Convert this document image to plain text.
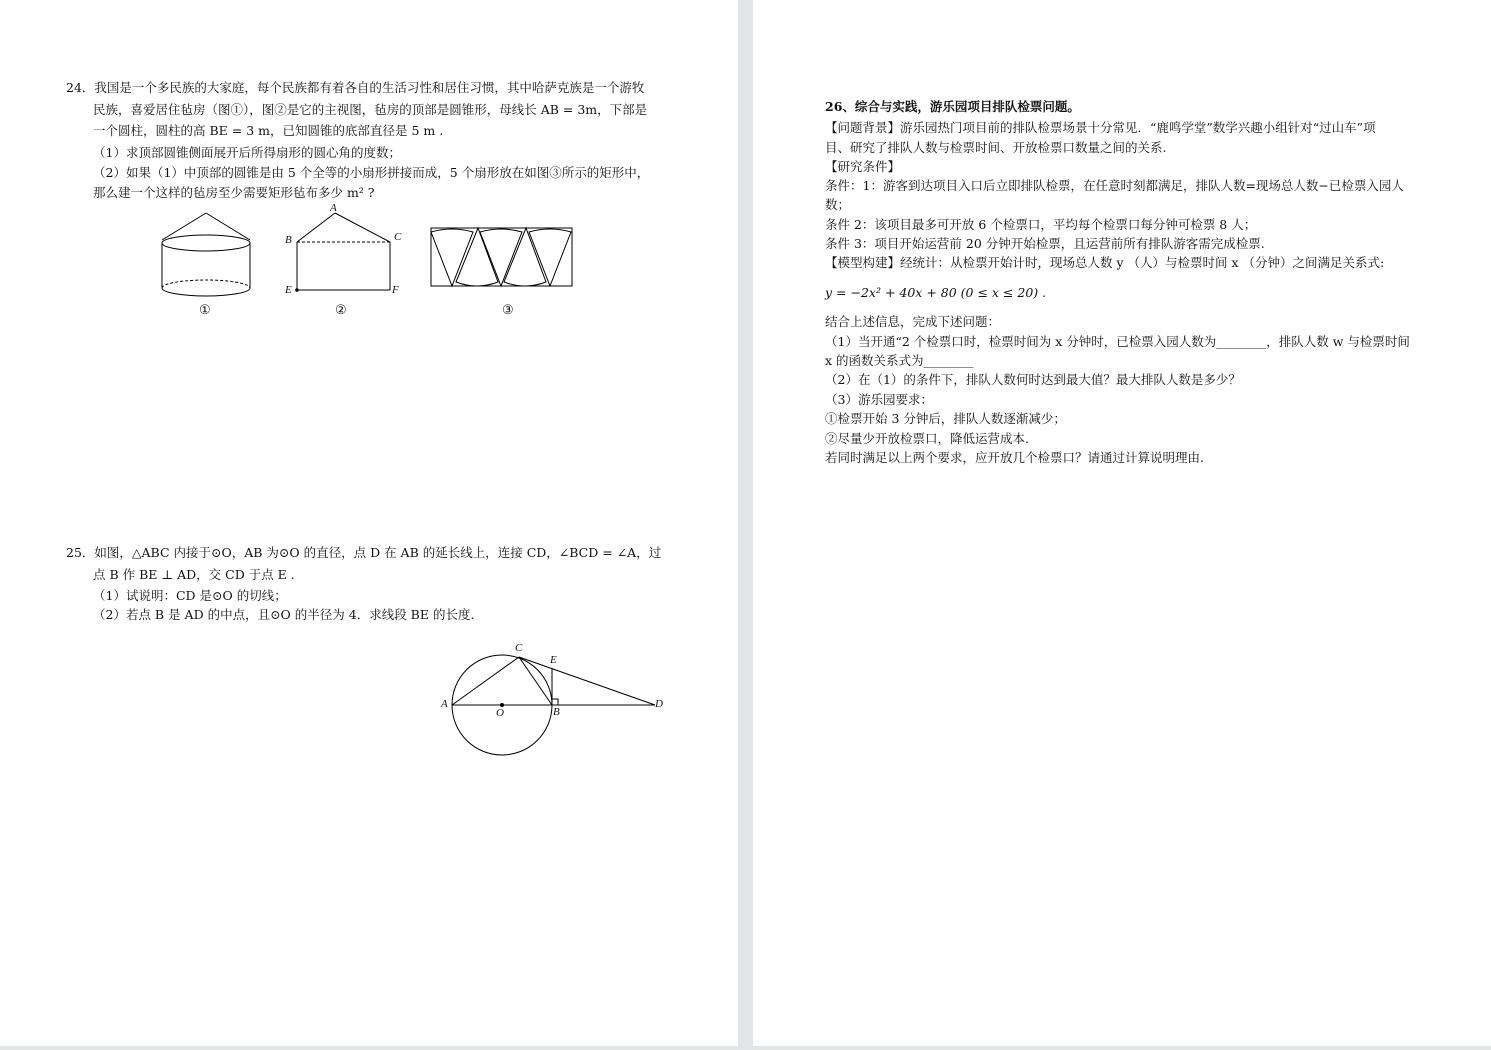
24．我国是一个多民族的大家庭，每个民族都有着各自的生活习性和居住习惯，其中哈萨克族是一个游牧
民族，喜爱居住毡房（图①），图②是它的主视图，毡房的顶部是圆锥形，母线长 AB = 3m，下部是
一个圆柱，圆柱的高 BE = 3 m，已知圆锥的底部直径是 5 m .
（1）求顶部圆锥侧面展开后所得扇形的圆心角的度数；
（2）如果（1）中顶部的圆锥是由 5 个全等的小扇形拼接而成，5 个扇形放在如图③所示的矩形中，
那么建一个这样的毡房至少需要矩形毡布多少 m² ?
①
A
B	C
E	F
②	③
25．如图，△ABC 内接于⊙O，AB 为⊙O 的直径，点 D 在 AB 的延长线上，连接 CD，∠BCD = ∠A，过
点 B 作 BE ⊥ AD，交 CD 于点 E .
（1）试说明：CD 是⊙O 的切线；
（2）若点 B 是 AD 的中点，且⊙O 的半径为 4．求线段 BE 的长度.
A
C
E
O	B
D
26、综合与实践，游乐园项目排队检票问题。
【问题背景】游乐园热门项目前的排队检票场景十分常见．“鹿鸣学堂”数学兴趣小组针对“过山车”项
目、研究了排队人数与检票时间、开放检票口数量之间的关系.
【研究条件】
条件：1：游客到达项目入口后立即排队检票，在任意时刻都满足，排队人数=现场总人数−已检票入园人
数；
条件 2：该项目最多可开放 6 个检票口，平均每个检票口每分钟可检票 8 人；
条件 3：项目开始运营前 20 分钟开始检票，且运营前所有排队游客需完成检票.
【模型构建】经统计：从检票开始计时，现场总人数 y （人）与检票时间 x （分钟）之间满足关系式:
y = −2x² + 40x + 80 (0 ≤ x ≤ 20) .
结合上述信息，完成下述问题：
（1）当开通“2 个检票口时，检票时间为 x 分钟时，已检票入园人数为________，排队人数 w 与检票时间
x 的函数关系式为________
（2）在（1）的条件下，排队人数何时达到最大值？最大排队人数是多少？
（3）游乐园要求：
①检票开始 3 分钟后，排队人数逐渐减少；
②尽量少开放检票口，降低运营成本.
若同时满足以上两个要求，应开放几个检票口？请通过计算说明理由.
